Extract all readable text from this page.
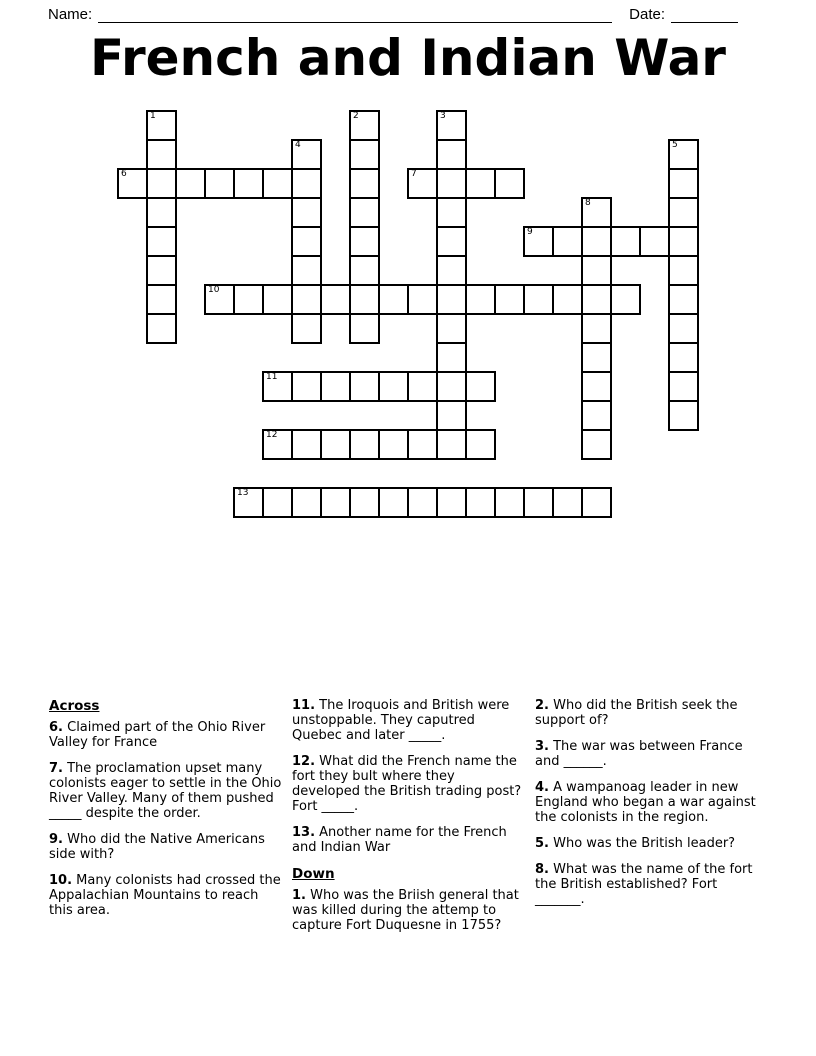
Name:	Date:
French and Indian War
1	2	3
4	5
6	7
8
9
10
11
12
13
Across

6. Claimed part of the Ohio River Valley for France

7. The proclamation upset many colonists eager to settle in the Ohio River Valley. Many of them pushed _____ despite the order.

9. Who did the Native Americans side with?

10. Many colonists had crossed the Appalachian Mountains to reach this area.

11. The Iroquois and British were unstoppable. They caputred Quebec and later _____.

12. What did the French name the fort they bult where they developed the British trading post? Fort _____.

13. Another name for the French and Indian War

Down

1. Who was the Briish general that was killed during the attemp to capture Fort Duquesne in 1755?

2. Who did the British seek the support of?

3. The war was between France and ______.

4. A wampanoag leader in new England who began a war against the colonists in the region.

5. Who was the British leader?

8. What was the name of the fort the British established? Fort _______.
